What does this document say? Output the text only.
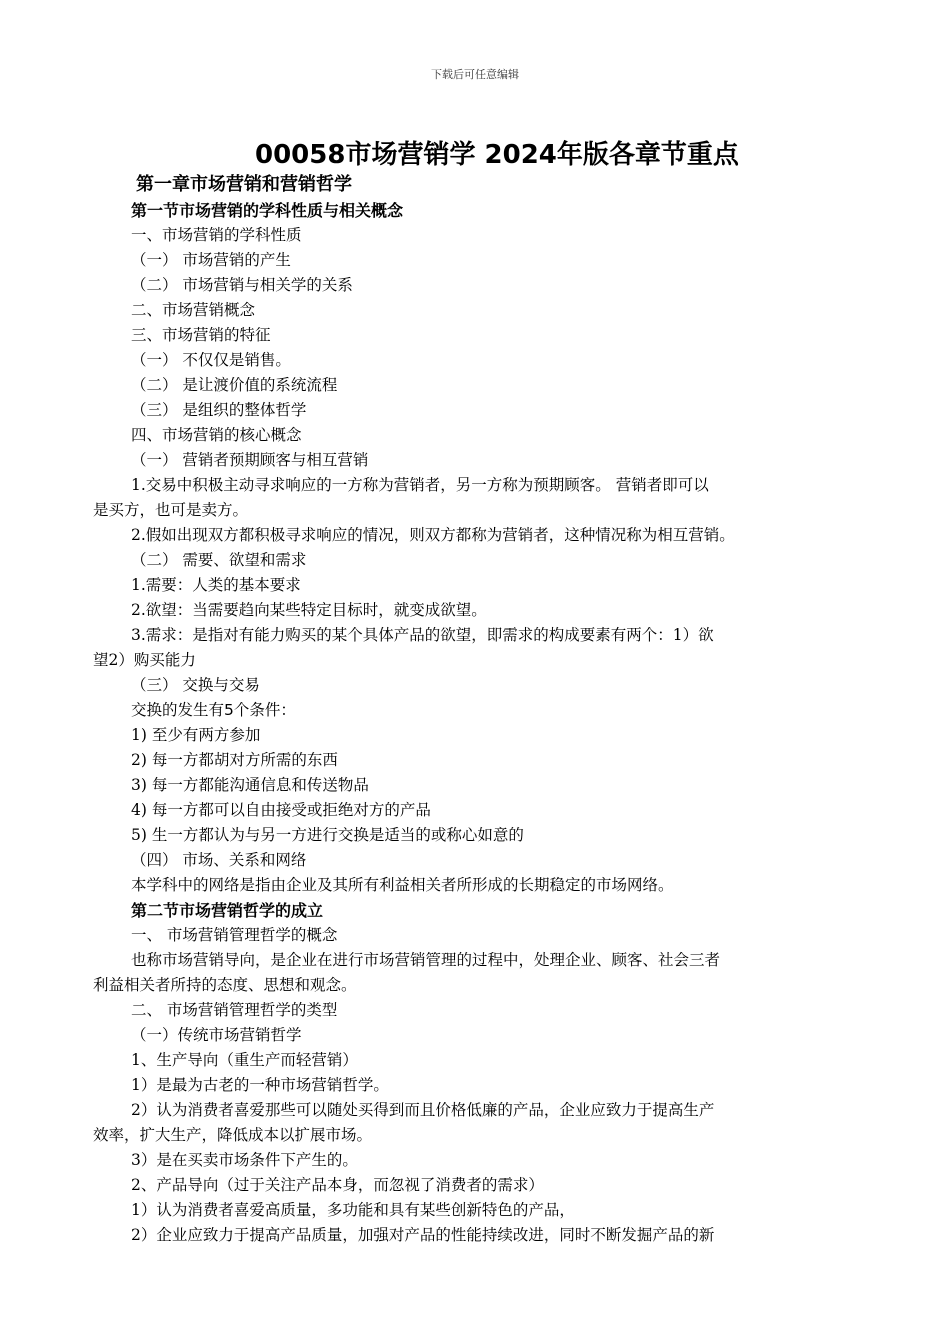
下载后可任意编辑
00058市场营销学 2024年版各章节重点
第一章市场营销和营销哲学
第一节市场营销的学科性质与相关概念
一、市场营销的学科性质
（一） 市场营销的产生
（二） 市场营销与相关学的关系
二、市场营销概念
三、市场营销的特征
（一） 不仅仅是销售。
（二） 是让渡价值的系统流程
（三） 是组织的整体哲学
四、市场营销的核心概念
（一） 营销者预期顾客与相互营销
1.交易中积极主动寻求响应的一方称为营销者，另一方称为预期顾客。 营销者即可以
是买方，也可是卖方。
2.假如出现双方都积极寻求响应的情况，则双方都称为营销者，这种情况称为相互营销。
（二） 需要、欲望和需求
1.需要：人类的基本要求
2.欲望：当需要趋向某些特定目标时，就变成欲望。
3.需求：是指对有能力购买的某个具体产品的欲望，即需求的构成要素有两个：1）欲
望2）购买能力
（三） 交换与交易
交换的发生有5个条件：
1) 至少有两方参加
2) 每一方都胡对方所需的东西
3) 每一方都能沟通信息和传送物品
4) 每一方都可以自由接受或拒绝对方的产品
5) 生一方都认为与另一方进行交换是适当的或称心如意的
（四） 市场、关系和网络
本学科中的网络是指由企业及其所有利益相关者所形成的长期稳定的市场网络。
第二节市场营销哲学的成立
一、 市场营销管理哲学的概念
也称市场营销导向，是企业在进行市场营销管理的过程中，处理企业、顾客、社会三者
利益相关者所持的态度、思想和观念。
二、 市场营销管理哲学的类型
（一）传统市场营销哲学
1、生产导向（重生产而轻营销）
1）是最为古老的一种市场营销哲学。
2）认为消费者喜爱那些可以随处买得到而且价格低廉的产品，企业应致力于提高生产
效率，扩大生产，降低成本以扩展市场。
3）是在买卖市场条件下产生的。
2、产品导向（过于关注产品本身，而忽视了消费者的需求）
1）认为消费者喜爱高质量，多功能和具有某些创新特色的产品，
2）企业应致力于提高产品质量，加强对产品的性能持续改进，同时不断发掘产品的新
